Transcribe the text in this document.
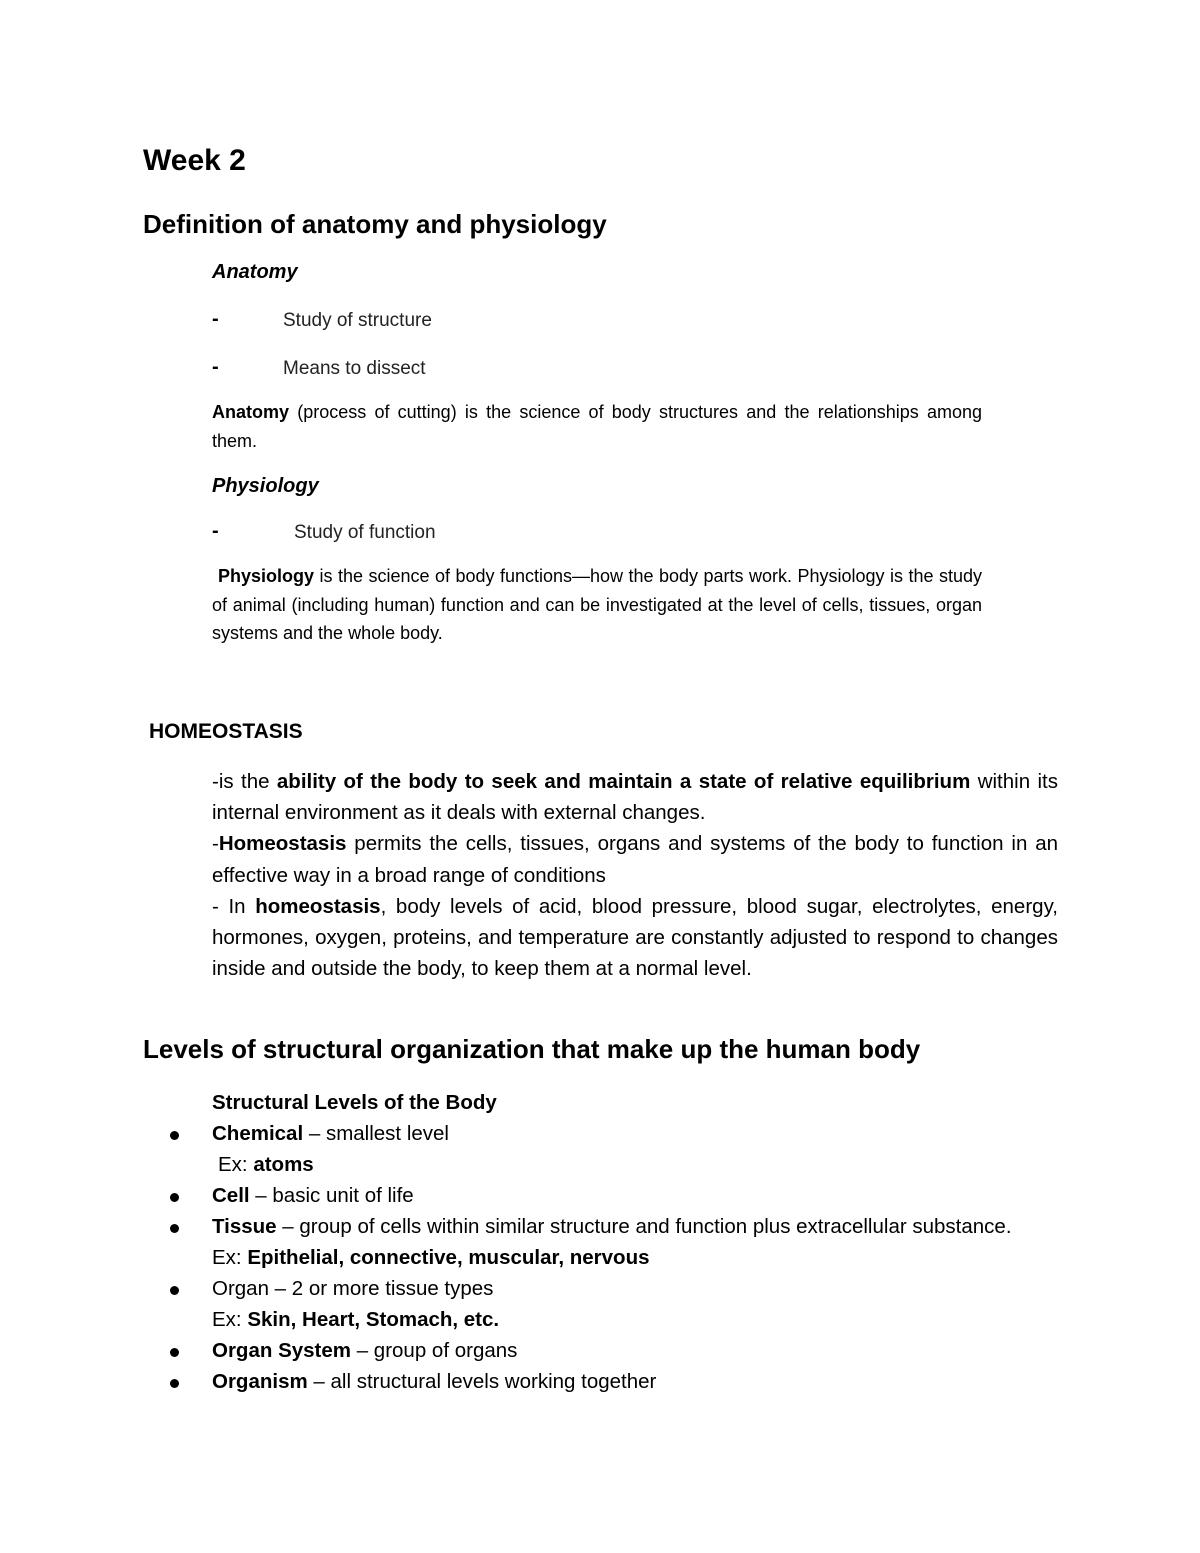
Week 2
Definition of anatomy and physiology
Anatomy
-	Study of structure
-	Means to dissect
Anatomy (process of cutting) is the science of body structures and the relationships among them.
Physiology
-	Study of function
Physiology is the science of body functions—how the body parts work. Physiology is the study of animal (including human) function and can be investigated at the level of cells, tissues, organ systems and the whole body.
HOMEOSTASIS

-is the ability of the body to seek and maintain a state of relative equilibrium within its internal environment as it deals with external changes.

-Homeostasis permits the cells, tissues, organs and systems of the body to function in an effective way in a broad range of conditions

- In homeostasis, body levels of acid, blood pressure, blood sugar, electrolytes, energy, hormones, oxygen, proteins, and temperature are constantly adjusted to respond to changes inside and outside the body, to keep them at a normal level.

Levels of structural organization that make up the human body
Structural Levels of the Body
Chemical – smallest level
Ex: atoms
Cell – basic unit of life
Tissue – group of cells within similar structure and function plus extracellular substance.
Ex: Epithelial, connective, muscular, nervous
Organ – 2 or more tissue types
Ex: Skin, Heart, Stomach, etc.
Organ System – group of organs
Organism – all structural levels working together
